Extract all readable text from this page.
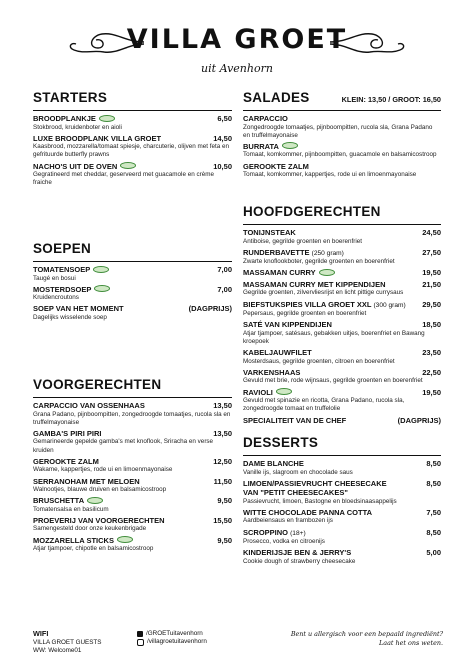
VILLA GROET
uit Avenhorn
STARTERS
BROODPLANKJE	6,50
Stokbrood, kruidenboter en aioli
LUXE BROODPLANK VILLA GROET	14,50
Kaasbrood, mozzarella/tomaat spiesje, charcuterie, olijven met feta en gefrituurde butterfly prawns
NACHO'S UIT DE OVEN	10,50
Gegratineerd met cheddar, geserveerd met guacamole en crème fraiche
SOEPEN
TOMATENSOEP	7,00
Taugé en bosui
MOSTERDSOEP	7,00
Kruidencroutons
SOEP VAN HET MOMENT	(DAGPRIJS)
Dagelijks wisselende soep
VOORGERECHTEN
CARPACCIO VAN OSSENHAAS	13,50
Grana Padano, pijnboompitten, zongedroogde tomaatjes, rucola sla en truffelmayonaise
GAMBA'S PIRI PIRI	13,50
Gemarineerde gepelde gamba's met knoflook, Sriracha en verse kruiden
GEROOKTE ZALM	12,50
Wakame, kappertjes, rode ui en limoenmayonaise
SERRANOHAM MET MELOEN	11,50
Walnootjes, blauwe druiven en balsamicostroop
BRUSCHETTA	9,50
Tomatensalsa en basilicum
PROEVERIJ VAN VOORGERECHTEN	15,50
Samengesteld door onze keukenbrigade
MOZZARELLA STICKS	9,50
Atjar tjampoer, chipotle en balsamicostroop
SALADES	KLEIN: 13,50 / GROOT: 16,50
CARPACCIO
Zongedroogde tomaatjes, pijnboompitten, rucola sla, Grana Padano en truffelmayonaise
BURRATA
Tomaat, komkommer, pijnboompitten, guacamole en balsamicostroop
GEROOKTE ZALM
Tomaat, komkommer, kappertjes, rode ui en limoenmayonaise
HOOFDGERECHTEN
TONIJNSTEAK	24,50
Antiboise, gegrilde groenten en boerenfriet
RUNDERBAVETTE (250 gram)	27,50
Zwarte knoflookboter, gegrilde groenten en boerenfriet
MASSAMAN CURRY	19,50
MASSAMAN CURRY MET KIPPENDIJEN	21,50
Gegrilde groenten, zilvervliesrijst en licht pittige currysaus
BIEFSTUKSPIES VILLA GROET XXL (300 gram) 29,50
Pepersaus, gegrilde groenten en boerenfriet
SATÉ VAN KIPPENDIJEN	18,50
Atjar tjampoer, satésaus, gebakken uitjes, boerenfriet en Bawang kroepoek
KABELJAUWFILET	23,50
Mosterdsaus, gegrilde groenten, citroen en boerenfriet
VARKENSHAAS	22,50
Gevuld met brie, rode wijnsaus, gegrilde groenten en boerenfriet
RAVIOLI	19,50
Gevuld met spinazie en ricotta, Grana Padano, rucola sla, zongedroogde tomaat en truffelolie
SPECIALITEIT VAN DE CHEF	(DAGPRIJS)
DESSERTS
DAME BLANCHE	8,50
Vanille ijs, slagroom en chocolade saus
LIMOEN/PASSIEVRUCHT CHEESECAKE VAN "PETIT CHEESECAKES"
8,50
Passievrucht, limoen, Bastogne en bloedsinaasappelijs
WITTE CHOCOLADE PANNA COTTA	7,50
Aardbeiensaus en frambozen ijs
SCROPPINO (18+)	8,50
Prosecco, vodka en citroenijs
KINDERIJSJE BEN & JERRY'S	5,00
Cookie dough of strawberry cheesecake
WIFI
VILLA GROET GUESTS
WW: Welcome01
/GROETuitavenhorn
/villagroetuitavenhorn
Bent u allergisch voor een bepaald ingrediënt?
Laat het ons weten.
